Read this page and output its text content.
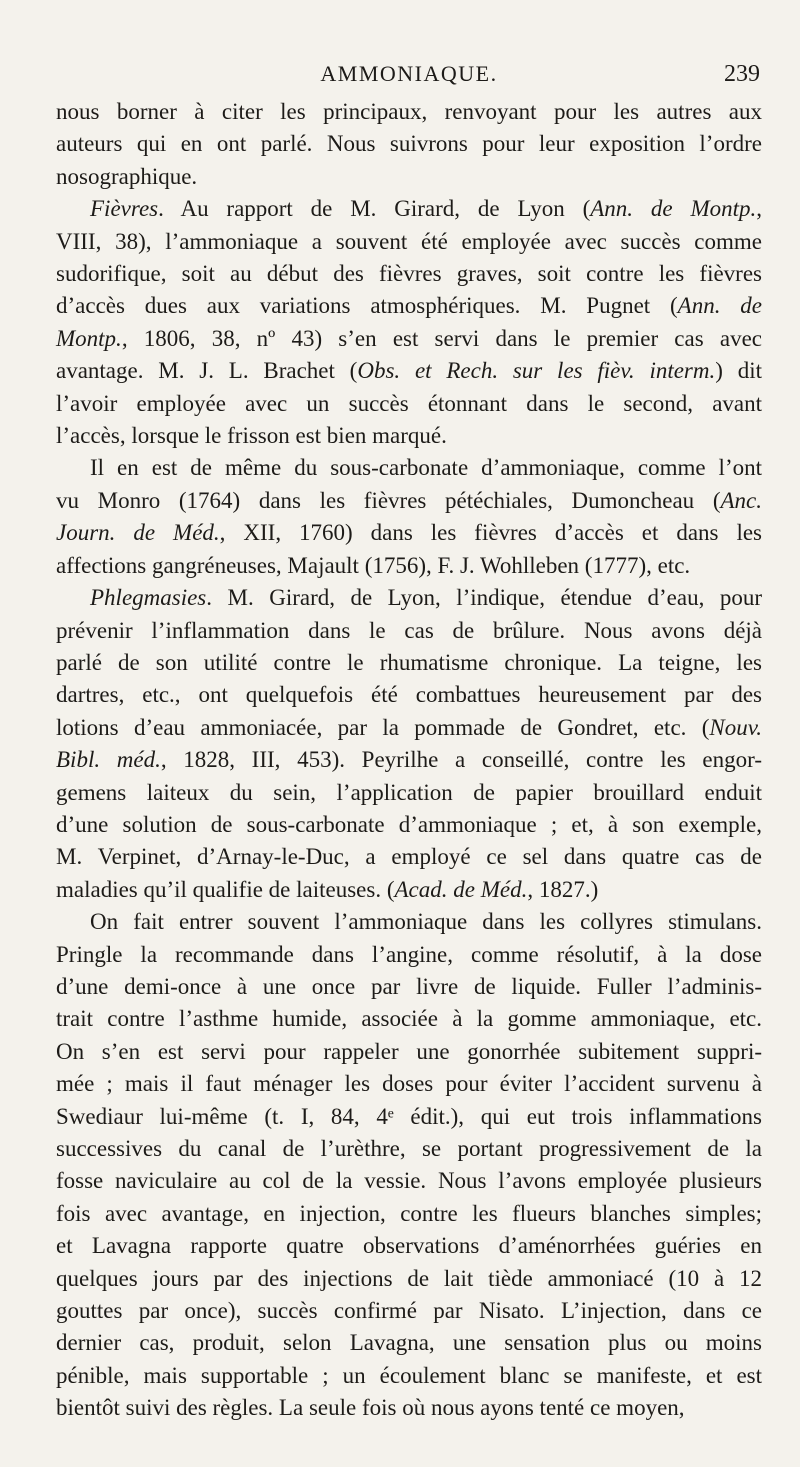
AMMONIAQUE.	239

nous borner à citer les principaux, renvoyant pour les autres aux
auteurs qui en ont parlé. Nous suivrons pour leur exposition l’ordre
nosographique.

Fièvres. Au rapport de M. Girard, de Lyon (Ann. de Montp.,
VIII, 38), l’ammoniaque a souvent été employée avec succès comme
sudorifique, soit au début des fièvres graves, soit contre les fièvres
d’accès dues aux variations atmosphériques. M. Pugnet (Ann. de
Montp., 1806, 38, nº 43) s’en est servi dans le premier cas avec
avantage. M. J. L. Brachet (Obs. et Rech. sur les fièv. interm.) dit
l’avoir employée avec un succès étonnant dans le second, avant
l’accès, lorsque le frisson est bien marqué.

Il en est de même du sous-carbonate d’ammoniaque, comme l’ont
vu Monro (1764) dans les fièvres pétéchiales, Dumoncheau (Anc.
Journ. de Méd., XII, 1760) dans les fièvres d’accès et dans les
affections gangréneuses, Majault (1756), F. J. Wohlleben (1777), etc.

Phlegmasies. M. Girard, de Lyon, l’indique, étendue d’eau, pour
prévenir l’inflammation dans le cas de brûlure. Nous avons déjà
parlé de son utilité contre le rhumatisme chronique. La teigne, les
dartres, etc., ont quelquefois été combattues heureusement par des
lotions d’eau ammoniacée, par la pommade de Gondret, etc. (Nouv.
Bibl. méd., 1828, III, 453). Peyrilhe a conseillé, contre les engor-
gemens laiteux du sein, l’application de papier brouillard enduit
d’une solution de sous-carbonate d’ammoniaque ; et, à son exemple,
M. Verpinet, d’Arnay-le-Duc, a employé ce sel dans quatre cas de
maladies qu’il qualifie de laiteuses. (Acad. de Méd., 1827.)

On fait entrer souvent l’ammoniaque dans les collyres stimulans.
Pringle la recommande dans l’angine, comme résolutif, à la dose
d’une demi-once à une once par livre de liquide. Fuller l’adminis-
trait contre l’asthme humide, associée à la gomme ammoniaque, etc.
On s’en est servi pour rappeler une gonorrhée subitement suppri-
mée ; mais il faut ménager les doses pour éviter l’accident survenu à
Swediaur lui-même (t. I, 84, 4ᵉ édit.), qui eut trois inflammations
successives du canal de l’urèthre, se portant progressivement de la
fosse naviculaire au col de la vessie. Nous l’avons employée plusieurs
fois avec avantage, en injection, contre les flueurs blanches simples;
et Lavagna rapporte quatre observations d’aménorrhées guéries en
quelques jours par des injections de lait tiède ammoniacé (10 à 12
gouttes par once), succès confirmé par Nisato. L’injection, dans ce
dernier cas, produit, selon Lavagna, une sensation plus ou moins
pénible, mais supportable ; un écoulement blanc se manifeste, et est
bientôt suivi des règles. La seule fois où nous ayons tenté ce moyen,
